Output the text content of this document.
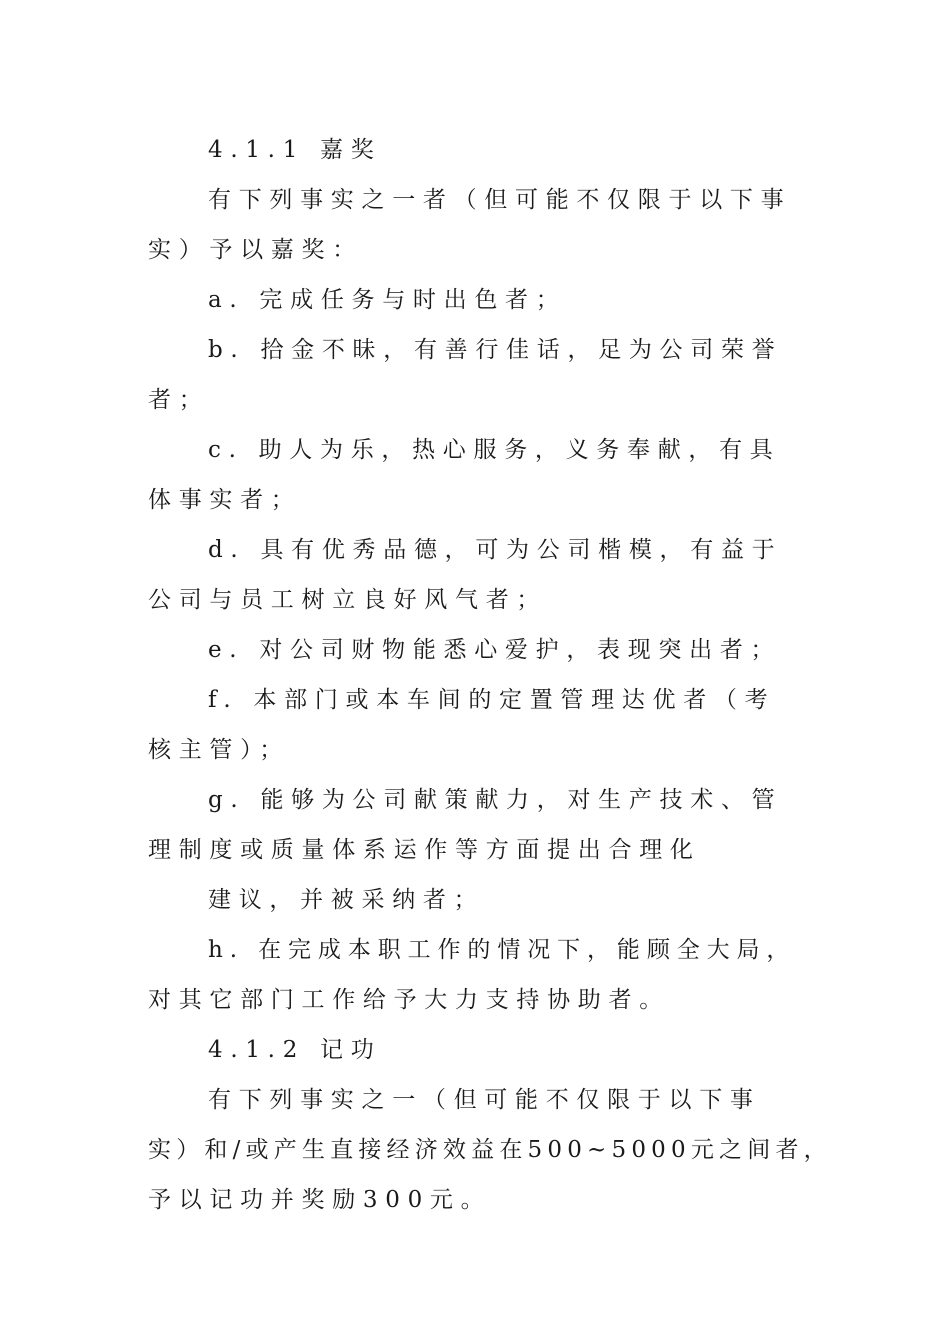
4.1.1 嘉奖
有下列事实之一者（但可能不仅限于以下事
实）予以嘉奖：
a. 完成任务与时出色者；
b. 拾金不昧，有善行佳话，足为公司荣誉
者；
c. 助人为乐，热心服务，义务奉献，有具
体事实者；
d. 具有优秀品德，可为公司楷模，有益于
公司与员工树立良好风气者；
e. 对公司财物能悉心爱护，表现突出者；
f. 本部门或本车间的定置管理达优者（考
核主管）；
g. 能够为公司献策献力，对生产技术、管
理制度或质量体系运作等方面提出合理化
建议，并被采纳者；
h. 在完成本职工作的情况下，能顾全大局，
对其它部门工作给予大力支持协助者。
4.1.2 记功
有下列事实之一（但可能不仅限于以下事
实）和/或产生直接经济效益在500~5000元之间者，
予以记功并奖励300元。
